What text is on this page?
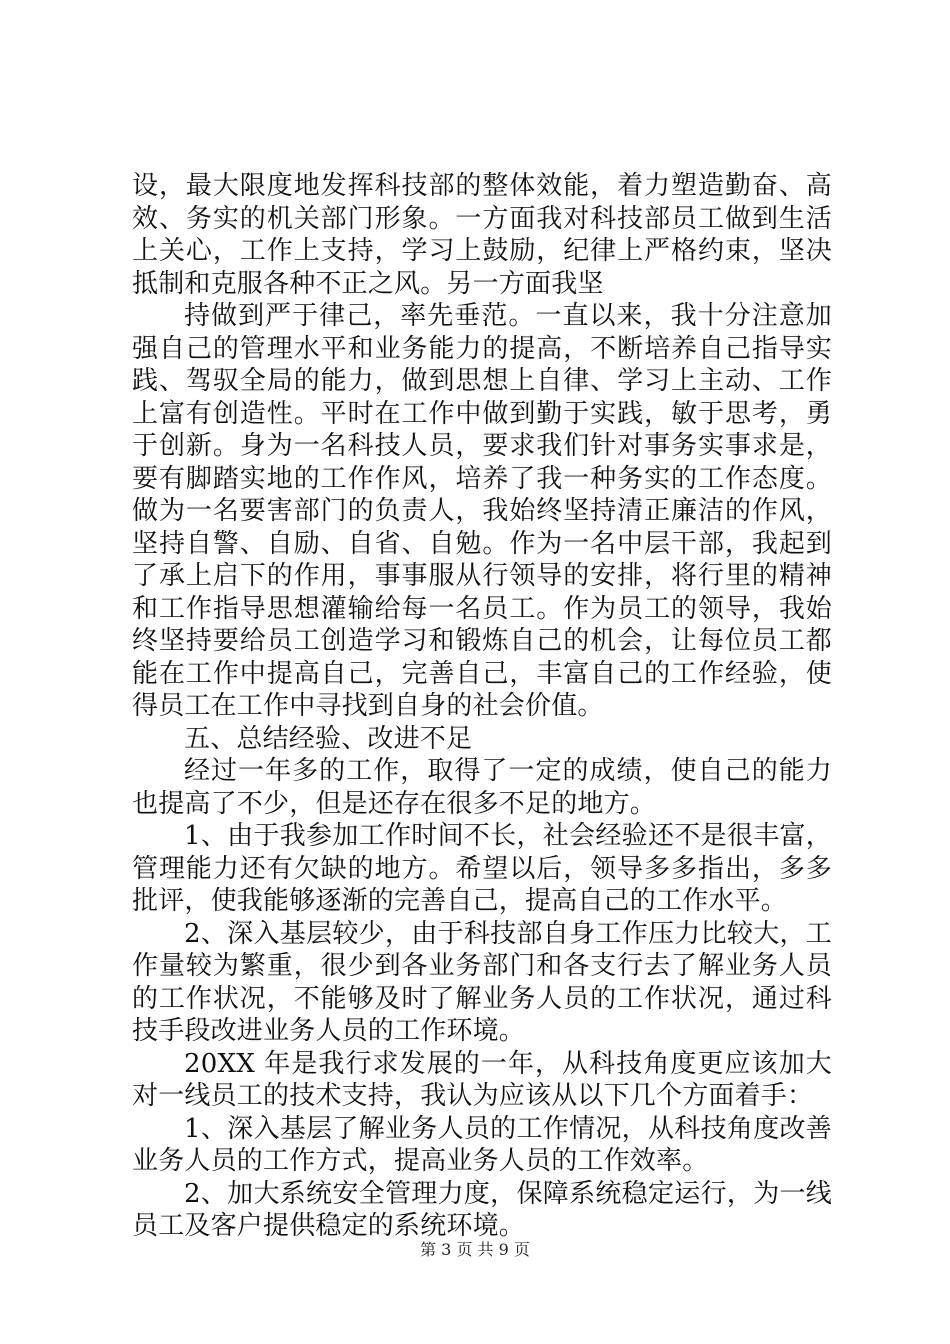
设，最大限度地发挥科技部的整体效能，着力塑造勤奋、高效、务实的机关部门形象。一方面我对科技部员工做到生活上关心，工作上支持，学习上鼓励，纪律上严格约束，坚决抵制和克服各种不正之风。另一方面我坚

持做到严于律己，率先垂范。一直以来，我十分注意加强自己的管理水平和业务能力的提高，不断培养自己指导实践、驾驭全局的能力，做到思想上自律、学习上主动、工作上富有创造性。平时在工作中做到勤于实践，敏于思考，勇于创新。身为一名科技人员，要求我们针对事务实事求是，要有脚踏实地的工作作风，培养了我一种务实的工作态度。做为一名要害部门的负责人，我始终坚持清正廉洁的作风，坚持自警、自励、自省、自勉。作为一名中层干部，我起到了承上启下的作用，事事服从行领导的安排，将行里的精神和工作指导思想灌输给每一名员工。作为员工的领导，我始终坚持要给员工创造学习和锻炼自己的机会，让每位员工都能在工作中提高自己，完善自己，丰富自己的工作经验，使得员工在工作中寻找到自身的社会价值。

五、总结经验、改进不足

经过一年多的工作，取得了一定的成绩，使自己的能力也提高了不少，但是还存在很多不足的地方。

1、由于我参加工作时间不长，社会经验还不是很丰富，管理能力还有欠缺的地方。希望以后，领导多多指出，多多批评，使我能够逐渐的完善自己，提高自己的工作水平。

2、深入基层较少，由于科技部自身工作压力比较大，工作量较为繁重，很少到各业务部门和各支行去了解业务人员的工作状况，不能够及时了解业务人员的工作状况，通过科技手段改进业务人员的工作环境。

20XX 年是我行求发展的一年，从科技角度更应该加大对一线员工的技术支持，我认为应该从以下几个方面着手：

1、深入基层了解业务人员的工作情况，从科技角度改善业务人员的工作方式，提高业务人员的工作效率。

2、加大系统安全管理力度，保障系统稳定运行，为一线员工及客户提供稳定的系统环境。

第 3 页 共 9 页
